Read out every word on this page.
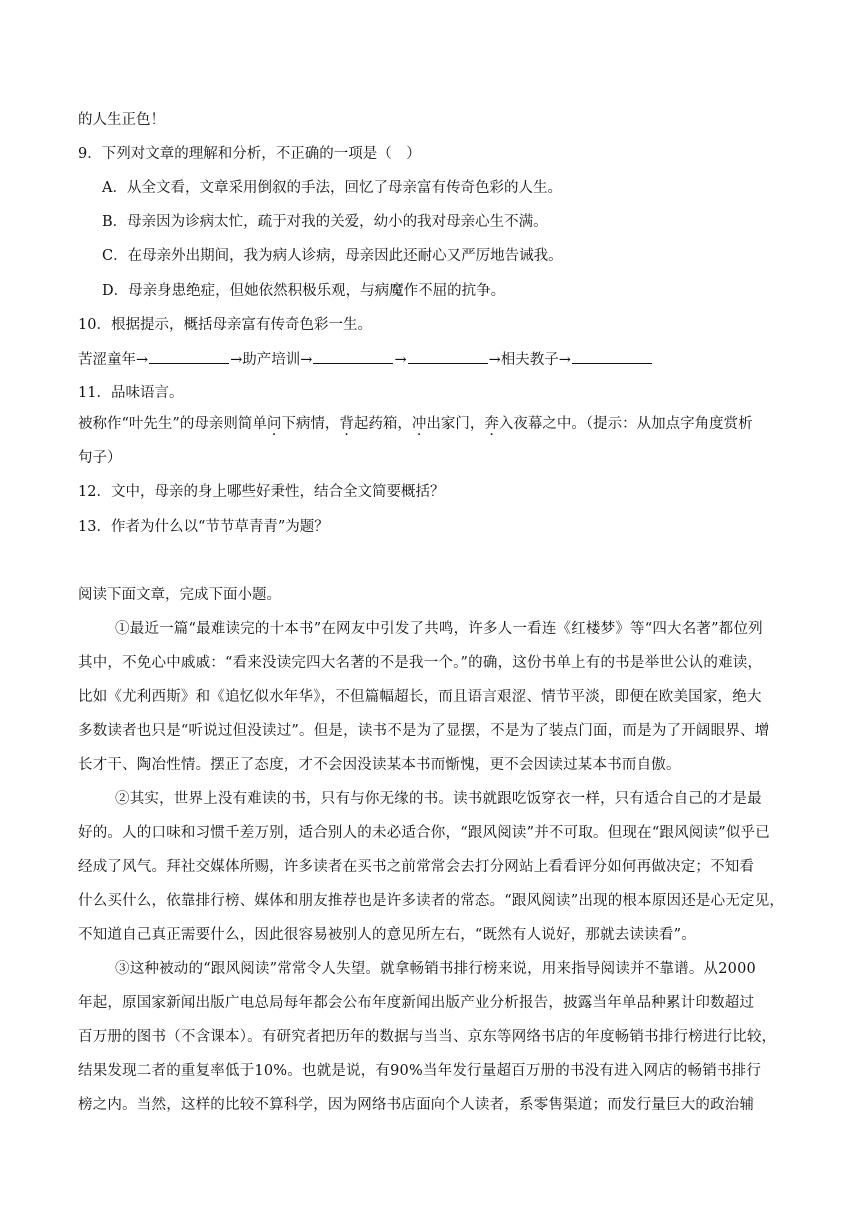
的人生正色！
9．下列对文章的理解和分析，不正确的一项是（　）
A．从全文看，文章采用倒叙的手法，回忆了母亲富有传奇色彩的人生。
B．母亲因为诊病太忙，疏于对我的关爱，幼小的我对母亲心生不满。
C．在母亲外出期间，我为病人诊病，母亲因此还耐心又严厉地告诫我。
D．母亲身患绝症，但她依然积极乐观，与病魔作不屈的抗争。
10．根据提示，概括母亲富有传奇色彩一生。
苦涩童年→	→助产培训→	→	→相夫教子→
11．品味语言。
被称作“叶先生”的母亲则简单问下病情，背起药箱，冲出家门，奔入夜幕之中。（提示：从加点字角度赏析
句子）
12．文中，母亲的身上哪些好秉性，结合全文简要概括？
13．作者为什么以“节节草青青”为题？
阅读下面文章，完成下面小题。
①最近一篇“最难读完的十本书”在网友中引发了共鸣，许多人一看连《红楼梦》等“四大名著”都位列
其中，不免心中戚戚：“看来没读完四大名著的不是我一个。”的确，这份书单上有的书是举世公认的难读，
比如《尤利西斯》和《追忆似水年华》，不但篇幅超长，而且语言艰涩、情节平淡，即便在欧美国家，绝大
多数读者也只是“听说过但没读过”。但是，读书不是为了显摆，不是为了装点门面，而是为了开阔眼界、增
长才干、陶冶性情。摆正了态度，才不会因没读某本书而惭愧，更不会因读过某本书而自傲。
②其实，世界上没有难读的书，只有与你无缘的书。读书就跟吃饭穿衣一样，只有适合自己的才是最
好的。人的口味和习惯千差万别，适合别人的未必适合你，“跟风阅读”并不可取。但现在“跟风阅读”似乎已
经成了风气。拜社交媒体所赐，许多读者在买书之前常常会去打分网站上看看评分如何再做决定；不知看
什么买什么，依靠排行榜、媒体和朋友推荐也是许多读者的常态。“跟风阅读”出现的根本原因还是心无定见，
不知道自己真正需要什么，因此很容易被别人的意见所左右，“既然有人说好，那就去读读看”。
③这种被动的“跟风阅读”常常令人失望。就拿畅销书排行榜来说，用来指导阅读并不靠谱。从2000
年起，原国家新闻出版广电总局每年都会公布年度新闻出版产业分析报告，披露当年单品种累计印数超过
百万册的图书（不含课本）。有研究者把历年的数据与当当、京东等网络书店的年度畅销书排行榜进行比较，
结果发现二者的重复率低于10%。也就是说，有90%当年发行量超百万册的书没有进入网店的畅销书排行
榜之内。当然，这样的比较不算科学，因为网络书店面向个人读者，系零售渠道；而发行量巨大的政治辅
